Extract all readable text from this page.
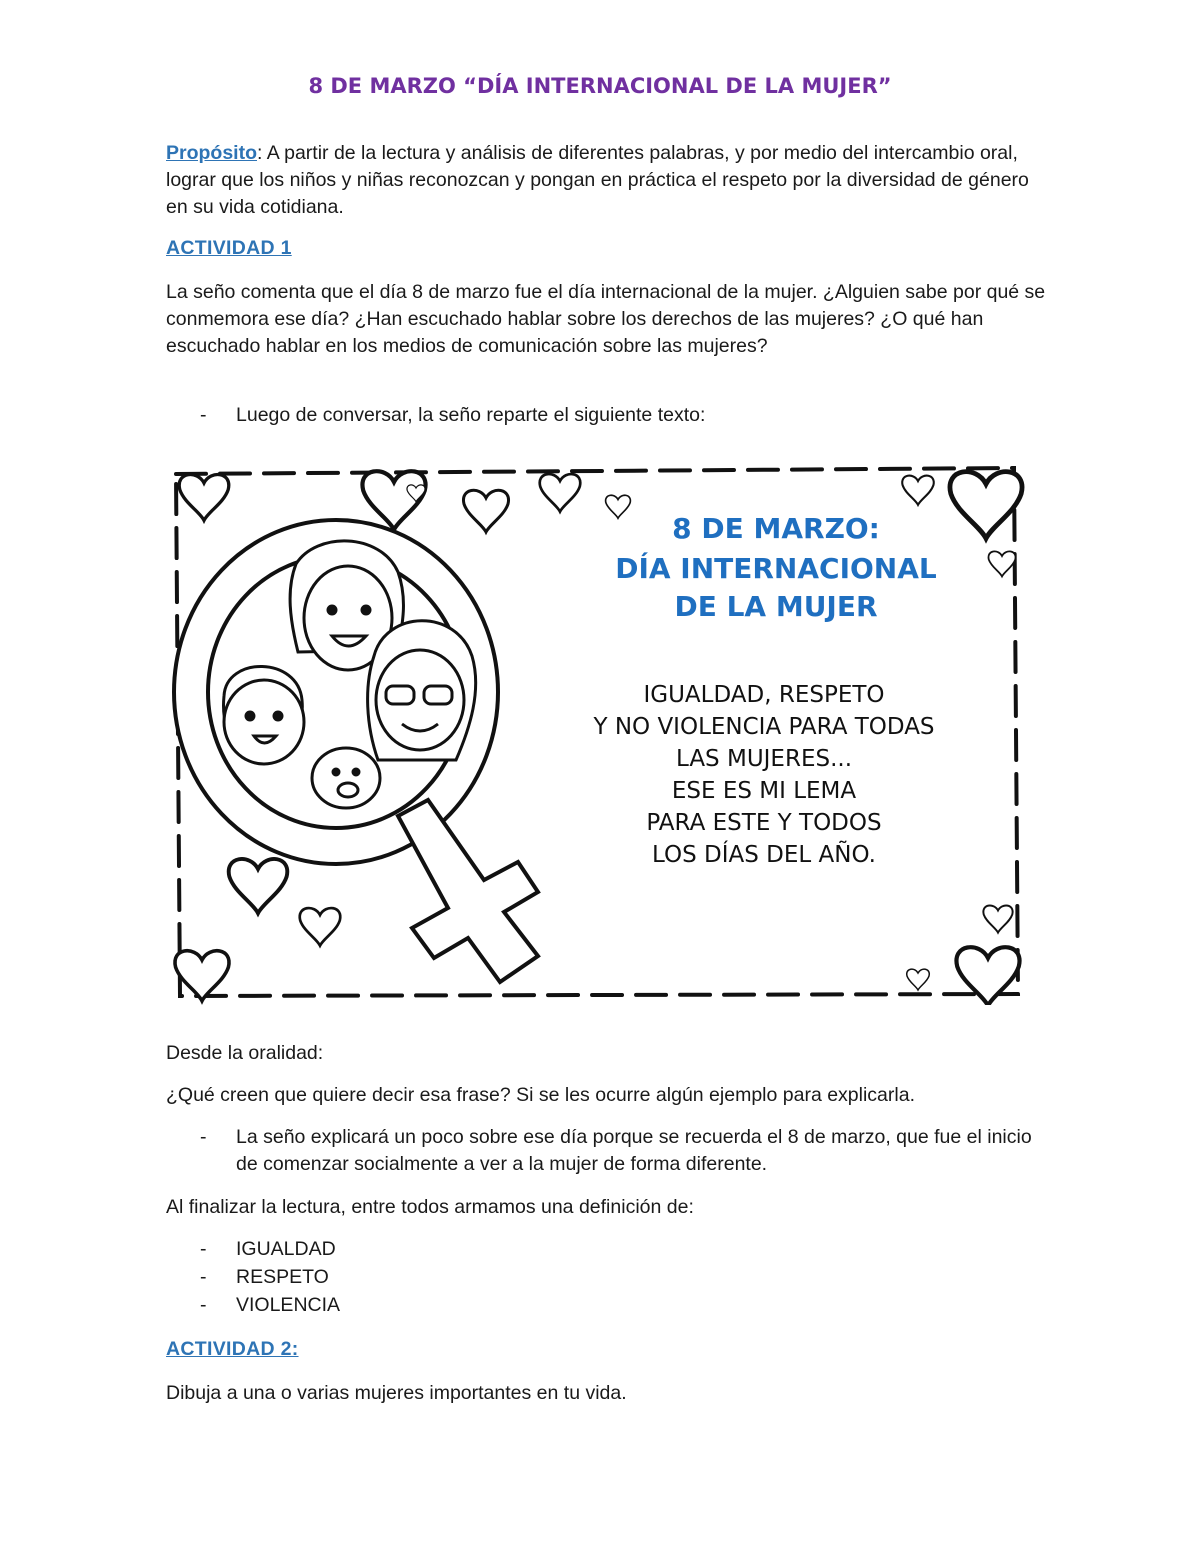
8 DE MARZO “DÍA INTERNACIONAL DE LA MUJER”

Propósito: A partir de la lectura y análisis de diferentes palabras, y por medio del intercambio oral, lograr que los niños y niñas reconozcan y pongan en práctica el respeto por la diversidad de género en su vida cotidiana.

ACTIVIDAD 1

La seño comenta que el día 8 de marzo fue el día internacional de la mujer. ¿Alguien sabe por qué se conmemora ese día? ¿Han escuchado hablar sobre los derechos de las mujeres? ¿O qué han escuchado hablar en los medios de comunicación sobre las mujeres?

- Luego de conversar, la seño reparte el siguiente texto:
8 DE MARZO:
DÍA INTERNACIONAL
DE LA MUJER
IGUALDAD, RESPETO
Y NO VIOLENCIA PARA TODAS
LAS MUJERES...
ESE ES MI LEMA
PARA ESTE Y TODOS
LOS DÍAS DEL AÑO.

Desde la oralidad:

¿Qué creen que quiere decir esa frase? Si se les ocurre algún ejemplo para explicarla.

- La seño explicará un poco sobre ese día porque se recuerda el 8 de marzo, que fue el inicio de comenzar socialmente a ver a la mujer de forma diferente.

Al finalizar la lectura, entre todos armamos una definición de:

- IGUALDAD
- RESPETO
- VIOLENCIA
ACTIVIDAD 2:

Dibuja a una o varias mujeres importantes en tu vida.
